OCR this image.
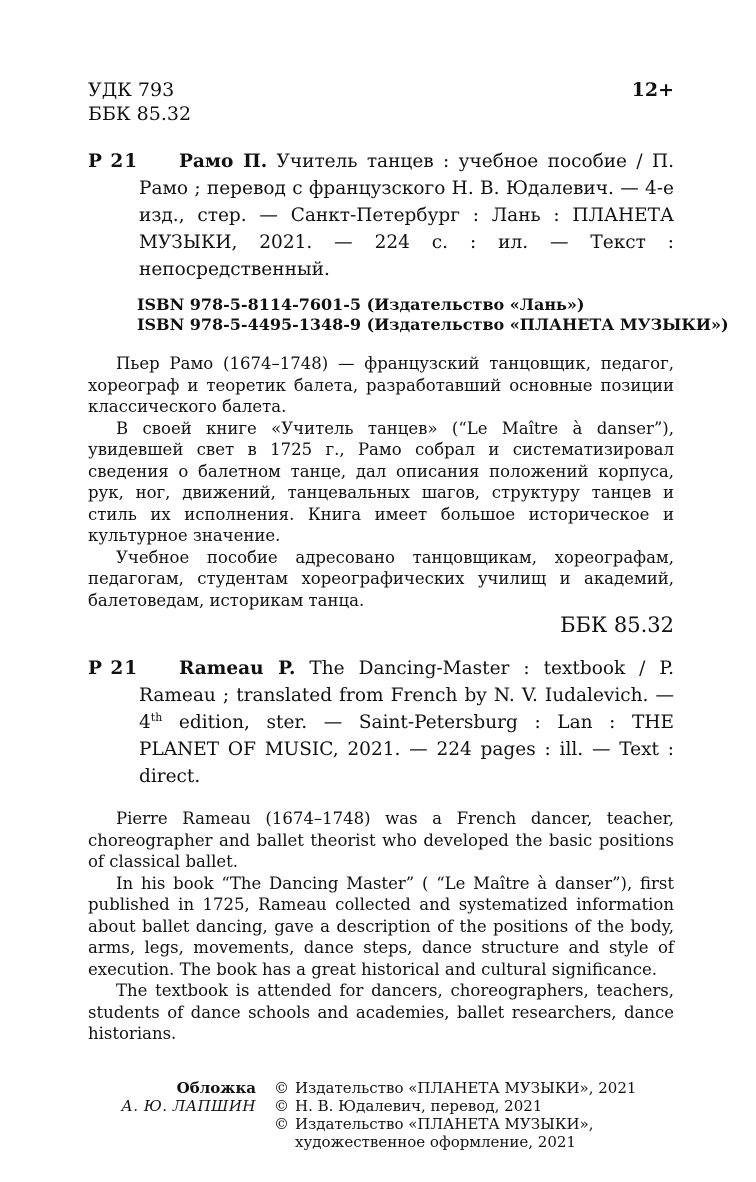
УДК 793
ББК 85.32
12+
Р 21	Рамо П. Учитель танцев : учебное пособие / П. Рамо ; перевод с французского Н. В. Юдалевич. — 4-е изд., стер. — Санкт-Петербург : Лань : ПЛАНЕТА МУЗЫКИ, 2021. — 224 с. : ил. — Текст : непосредственный.

ISBN 978-5-8114-7601-5 (Издательство «Лань»)
ISBN 978-5-4495-1348-9 (Издательство «ПЛАНЕТА МУЗЫКИ»)

Пьер Рамо (1674–1748) — французский танцовщик, педагог, хореограф и теоретик балета, разработавший основные позиции классического балета.

В своей книге «Учитель танцев» (“Le Maître à danser”), увидевшей свет в 1725 г., Рамо собрал и систематизировал сведения о балетном танце, дал описания положений корпуса, рук, ног, движений, танцевальных шагов, структуру танцев и стиль их исполнения. Книга имеет большое историческое и культурное значение.

Учебное пособие адресовано танцовщикам, хореографам, педагогам, студентам хореографических училищ и академий, балетоведам, историкам танца.

ББК 85.32
Р 21	Rameau P. The Dancing-Master : textbook / P. Rameau ; translated from French by N. V. Iudalevich. — 4th edition, ster. — Saint-Petersburg : Lan : THE PLANET OF MUSIC, 2021. — 224 pages : ill. — Text : direct.

Pierre Rameau (1674–1748) was a French dancer, teacher, choreographer and ballet theorist who developed the basic positions of classical ballet.

In his book “The Dancing Master” ( “Le Maître à danser”), first published in 1725, Rameau collected and systematized information about ballet dancing, gave a description of the positions of the body, arms, legs, movements, dance steps, dance structure and style of execution. The book has a great historical and cultural significance.

The textbook is attended for dancers, choreographers, teachers, students of dance schools and academies, ballet researchers, dance historians.

Обложка
А. Ю. ЛАПШИН
© Издательство «ПЛАНЕТА МУЗЫКИ», 2021
© Н. В. Юдалевич, перевод, 2021
© Издательство «ПЛАНЕТА МУЗЫКИ»,
художественное оформление, 2021
